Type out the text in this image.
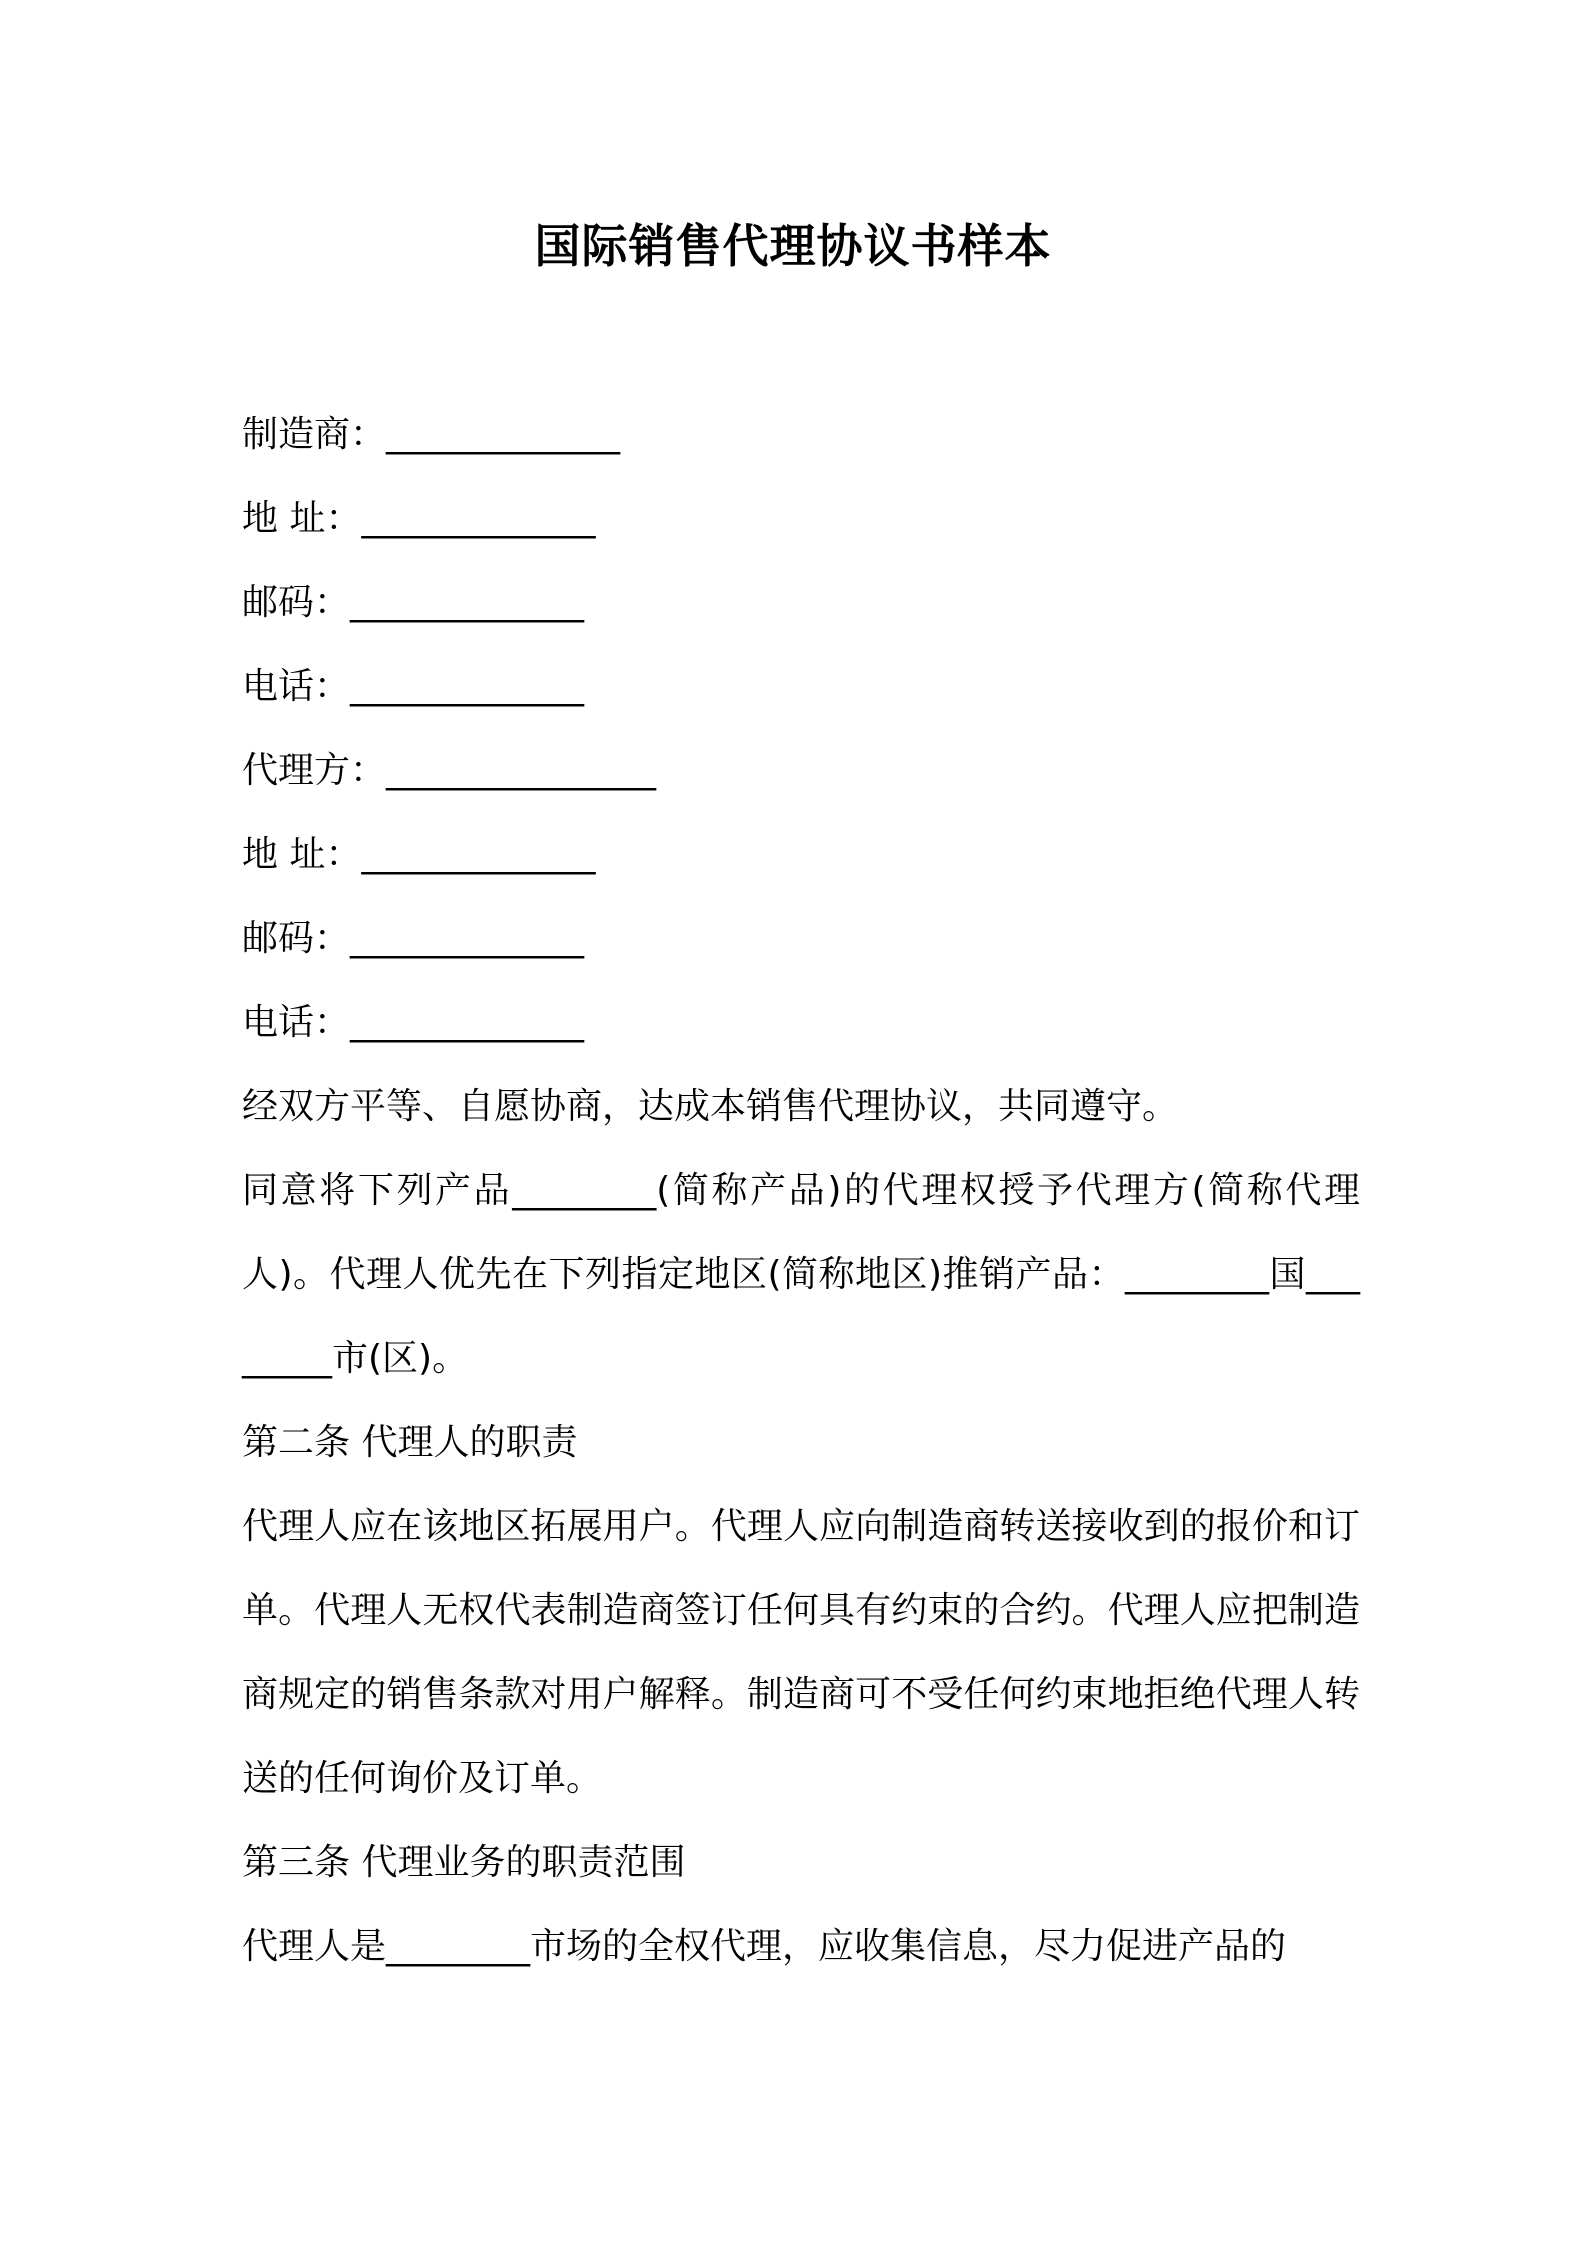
国际销售代理协议书样本

制造商：_____________

地 址：_____________

邮码：_____________

电话：_____________

代理方：_______________

地 址：_____________

邮码：_____________

电话：_____________

经双方平等、自愿协商，达成本销售代理协议，共同遵守。

同意将下列产品________(简称产品)的代理权授予代理方(简称代理人)。代理人优先在下列指定地区(简称地区)推销产品：________国________市(区)。

第二条 代理人的职责

代理人应在该地区拓展用户。代理人应向制造商转送接收到的报价和订单。代理人无权代表制造商签订任何具有约束的合约。代理人应把制造商规定的销售条款对用户解释。制造商可不受任何约束地拒绝代理人转送的任何询价及订单。

第三条 代理业务的职责范围

代理人是________市场的全权代理，应收集信息，尽力促进产品的
